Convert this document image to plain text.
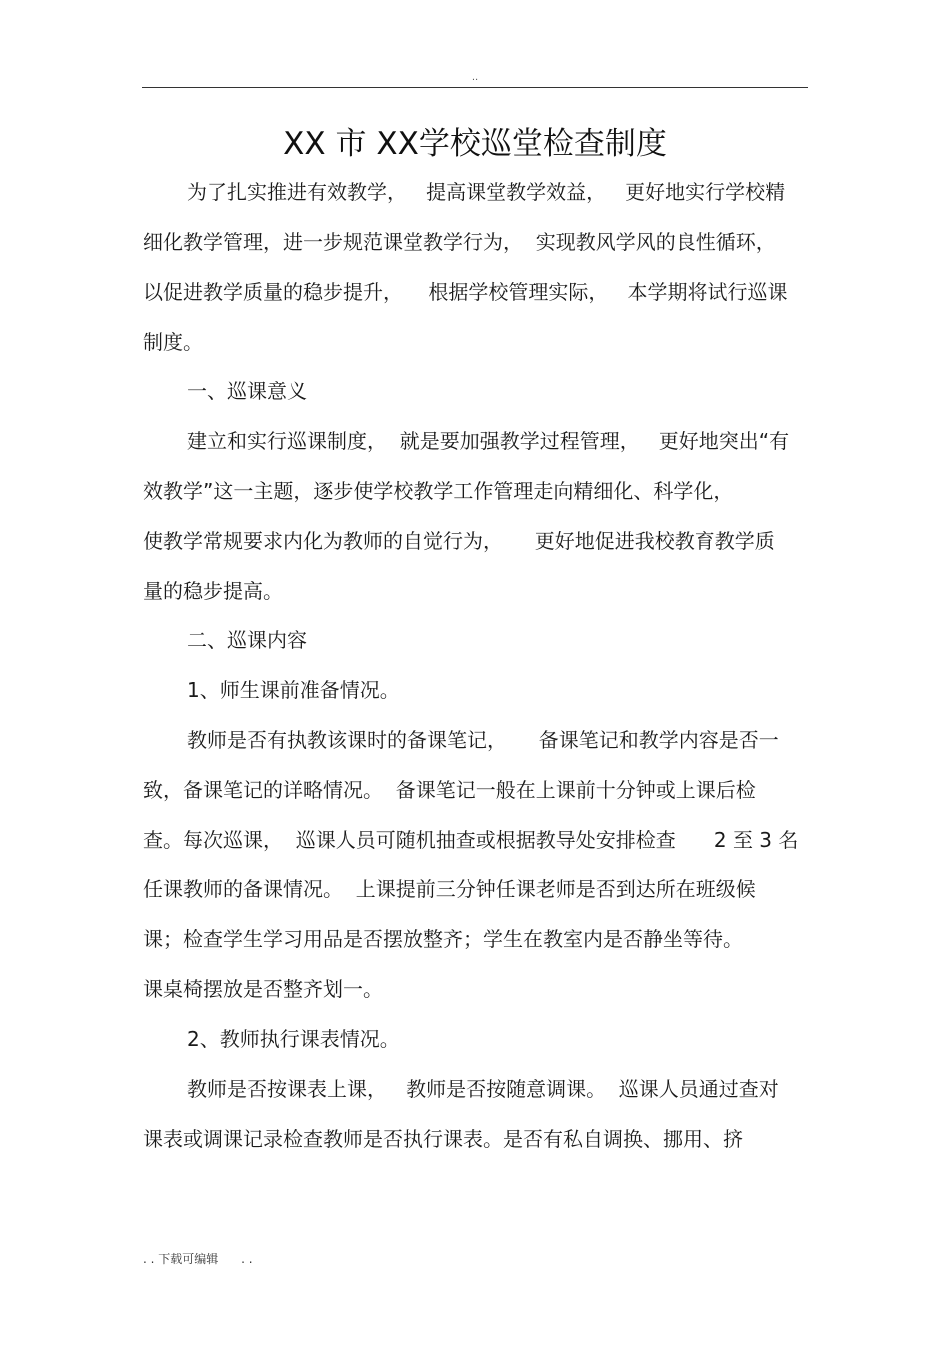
..
XX 市 XX学校巡堂检查制度
为了扎实推进有效教学，   提高课堂教学效益，   更好地实行学校精
细化教学管理，进一步规范课堂教学行为，  实现教风学风的良性循环，
以促进教学质量的稳步提升，    根据学校管理实际，   本学期将试行巡课
制度。
一、巡课意义
建立和实行巡课制度，  就是要加强教学过程管理，   更好地突出“有
效教学”这一主题，逐步使学校教学工作管理走向精细化、科学化，
使教学常规要求内化为教师的自觉行为，     更好地促进我校教育教学质
量的稳步提高。
二、巡课内容
1、师生课前准备情况。
教师是否有执教该课时的备课笔记，     备课笔记和教学内容是否一
致，备课笔记的详略情况。  备课笔记一般在上课前十分钟或上课后检
查。每次巡课，  巡课人员可随机抽查或根据教导处安排检查      2 至 3 名
任课教师的备课情况。  上课提前三分钟任课老师是否到达所在班级候
课；检查学生学习用品是否摆放整齐；学生在教室内是否静坐等待。
课桌椅摆放是否整齐划一。
2、教师执行课表情况。
教师是否按课表上课，   教师是否按随意调课。  巡课人员通过查对
课表或调课记录检查教师是否执行课表。是否有私自调换、挪用、挤
. . 下载可编辑      . .
